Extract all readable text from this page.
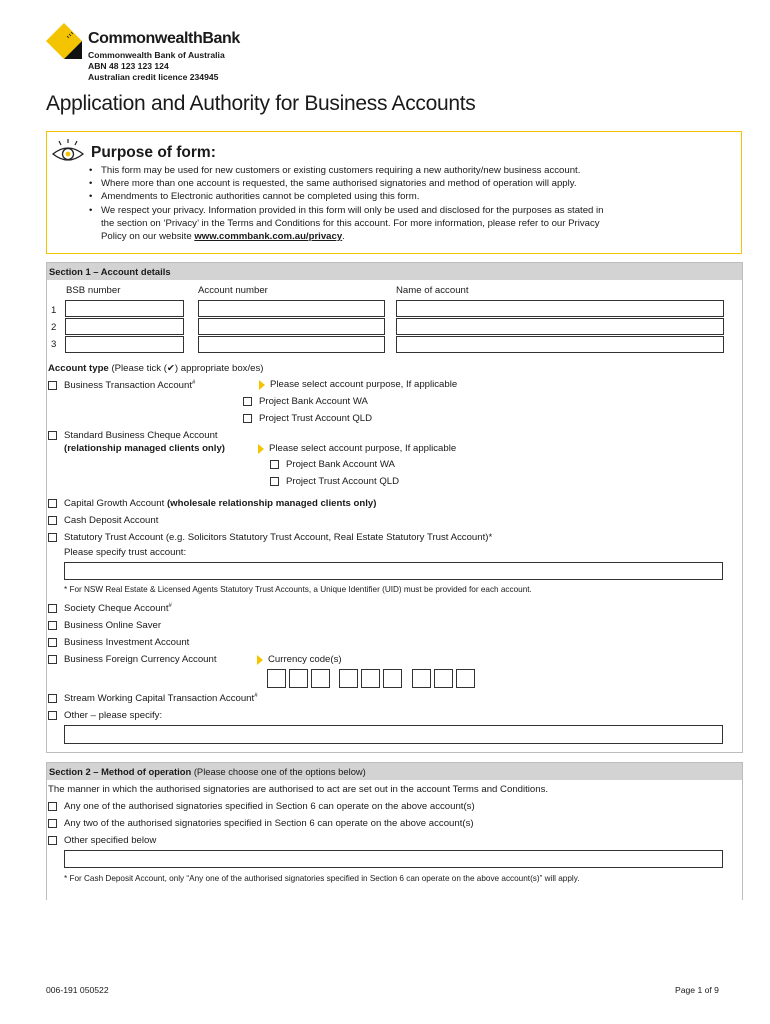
CommonwealthBank
Commonwealth Bank of Australia
ABN 48 123 123 124
Australian credit licence 234945
Application and Authority for Business Accounts
Purpose of form:
• This form may be used for new customers or existing customers requiring a new authority/new business account.
• Where more than one account is requested, the same authorised signatories and method of operation will apply.
• Amendments to Electronic authorities cannot be completed using this form.
• We respect your privacy. Information provided in this form will only be used and disclosed for the purposes as stated in
the section on ‘Privacy’ in the Terms and Conditions for this account. For more information, please refer to our Privacy
Policy on our website www.commbank.com.au/privacy.
Section 1 – Account details
BSB number	Account number	Name of account
1
2
3
Account type (Please tick (✔) appropriate box/es)
Business Transaction Account#	Please select account purpose, If applicable
Project Bank Account WA
Project Trust Account QLD
Standard Business Cheque Account
(relationship managed clients only)	Please select account purpose, If applicable
Project Bank Account WA
Project Trust Account QLD
Capital Growth Account (wholesale relationship managed clients only)
Cash Deposit Account
Statutory Trust Account (e.g. Solicitors Statutory Trust Account, Real Estate Statutory Trust Account)*
Please specify trust account:
* For NSW Real Estate & Licensed Agents Statutory Trust Accounts, a Unique Identifier (UID) must be provided for each account.
Society Cheque Account#
Business Online Saver
Business Investment Account
Business Foreign Currency Account	Currency code(s)
Stream Working Capital Transaction Account#
Other – please specify:
Section 2 – Method of operation (Please choose one of the options below)
The manner in which the authorised signatories are authorised to act are set out in the account Terms and Conditions.
Any one of the authorised signatories specified in Section 6 can operate on the above account(s)
Any two of the authorised signatories specified in Section 6 can operate on the above account(s)
Other specified below
* For Cash Deposit Account, only “Any one of the authorised signatories specified in Section 6 can operate on the above account(s)” will apply.
006-191 050522	Page 1 of 9
